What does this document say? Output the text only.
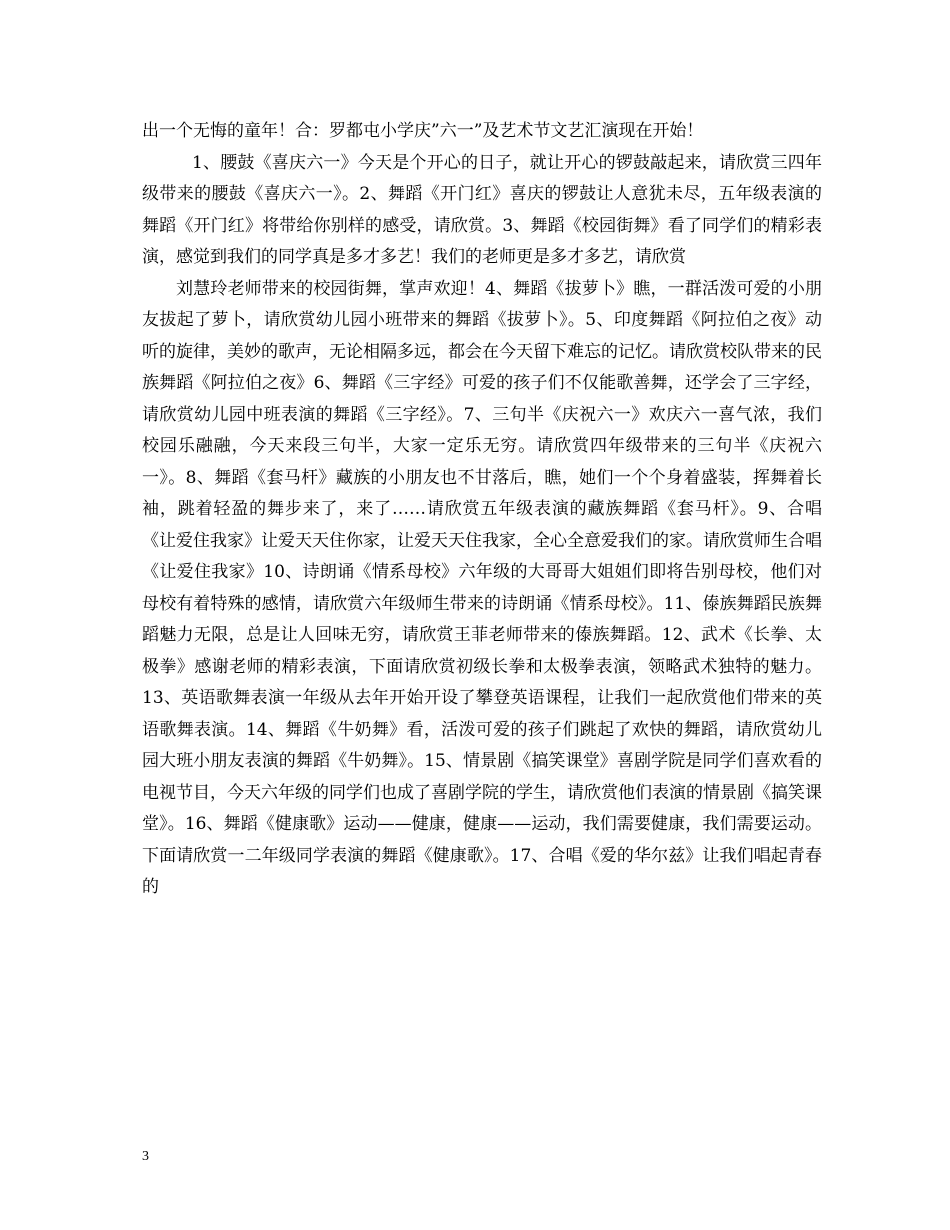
出一个无悔的童年！合：罗都屯小学庆”六一”及艺术节文艺汇演现在开始！

1、腰鼓《喜庆六一》今天是个开心的日子，就让开心的锣鼓敲起来，请欣赏三四年级带来的腰鼓《喜庆六一》。2、舞蹈《开门红》喜庆的锣鼓让人意犹未尽，五年级表演的舞蹈《开门红》将带给你别样的感受，请欣赏。3、舞蹈《校园街舞》看了同学们的精彩表演，感觉到我们的同学真是多才多艺！我们的老师更是多才多艺，请欣赏

刘慧玲老师带来的校园街舞，掌声欢迎！4、舞蹈《拔萝卜》瞧，一群活泼可爱的小朋友拔起了萝卜，请欣赏幼儿园小班带来的舞蹈《拔萝卜》。5、印度舞蹈《阿拉伯之夜》动听的旋律，美妙的歌声，无论相隔多远，都会在今天留下难忘的记忆。请欣赏校队带来的民族舞蹈《阿拉伯之夜》6、舞蹈《三字经》可爱的孩子们不仅能歌善舞，还学会了三字经，请欣赏幼儿园中班表演的舞蹈《三字经》。7、三句半《庆祝六一》欢庆六一喜气浓，我们校园乐融融，今天来段三句半，大家一定乐无穷。请欣赏四年级带来的三句半《庆祝六一》。8、舞蹈《套马杆》藏族的小朋友也不甘落后，瞧，她们一个个身着盛装，挥舞着长袖，跳着轻盈的舞步来了，来了……请欣赏五年级表演的藏族舞蹈《套马杆》。9、合唱《让爱住我家》让爱天天住你家，让爱天天住我家，全心全意爱我们的家。请欣赏师生合唱《让爱住我家》10、诗朗诵《情系母校》六年级的大哥哥大姐姐们即将告别母校，他们对母校有着特殊的感情，请欣赏六年级师生带来的诗朗诵《情系母校》。11、傣族舞蹈民族舞蹈魅力无限，总是让人回味无穷，请欣赏王菲老师带来的傣族舞蹈。12、武术《长拳、太极拳》感谢老师的精彩表演，下面请欣赏初级长拳和太极拳表演，领略武术独特的魅力。13、英语歌舞表演一年级从去年开始开设了攀登英语课程，让我们一起欣赏他们带来的英语歌舞表演。14、舞蹈《牛奶舞》看，活泼可爱的孩子们跳起了欢快的舞蹈，请欣赏幼儿园大班小朋友表演的舞蹈《牛奶舞》。15、情景剧《搞笑课堂》喜剧学院是同学们喜欢看的电视节目，今天六年级的同学们也成了喜剧学院的学生，请欣赏他们表演的情景剧《搞笑课堂》。16、舞蹈《健康歌》运动——健康，健康——运动，我们需要健康，我们需要运动。下面请欣赏一二年级同学表演的舞蹈《健康歌》。17、合唱《爱的华尔兹》让我们唱起青春的

3
